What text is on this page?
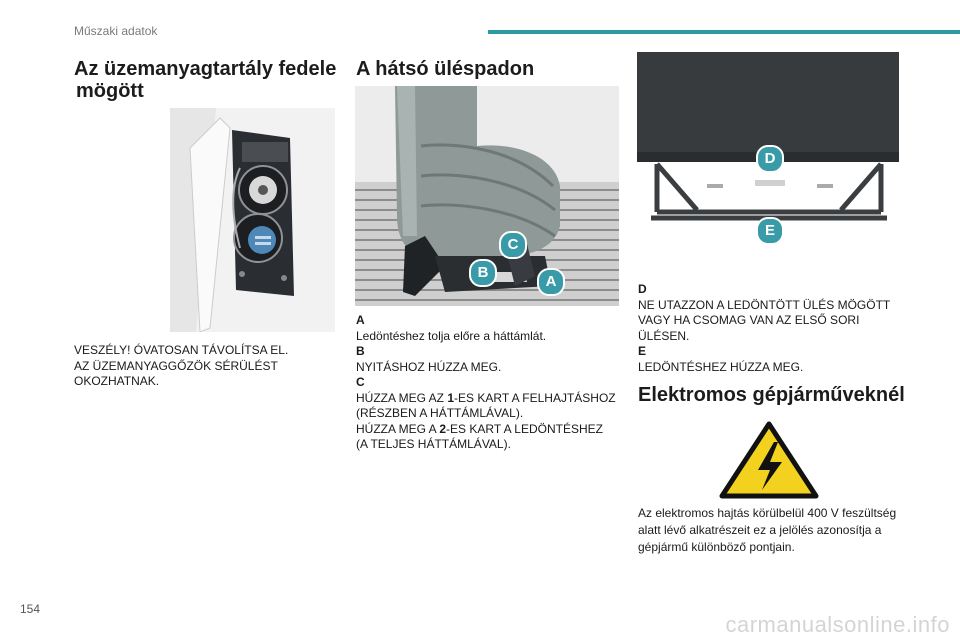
Műszaki adatok
Az üzemanyagtartály fedele
mögött
VESZÉLY! ÓVATOSAN TÁVOLÍTSA EL.
AZ ÜZEMANYAGGŐZÖK SÉRÜLÉST
OKOZHATNAK.
A hátsó üléspadon
C
B
A
A
Ledöntéshez tolja előre a háttámlát.
B
NYITÁSHOZ HÚZZA MEG.
C
HÚZZA MEG AZ 1-ES KART A FELHAJTÁSHOZ
(RÉSZBEN A HÁTTÁMLÁVAL).
HÚZZA MEG A 2-ES KART A LEDÖNTÉSHEZ
(A TELJES HÁTTÁMLÁVAL).
D
E
D
NE UTAZZON A LEDÖNTÖTT ÜLÉS MÖGÖTT
VAGY HA CSOMAG VAN AZ ELSŐ SORI
ÜLÉSEN.
E
LEDÖNTÉSHEZ HÚZZA MEG.
Elektromos gépjárműveknél
Az elektromos hajtás körülbelül 400 V feszültség
alatt lévő alkatrészeit ez a jelölés azonosítja a
gépjármű különböző pontjain.
154
carmanualsonline.info
